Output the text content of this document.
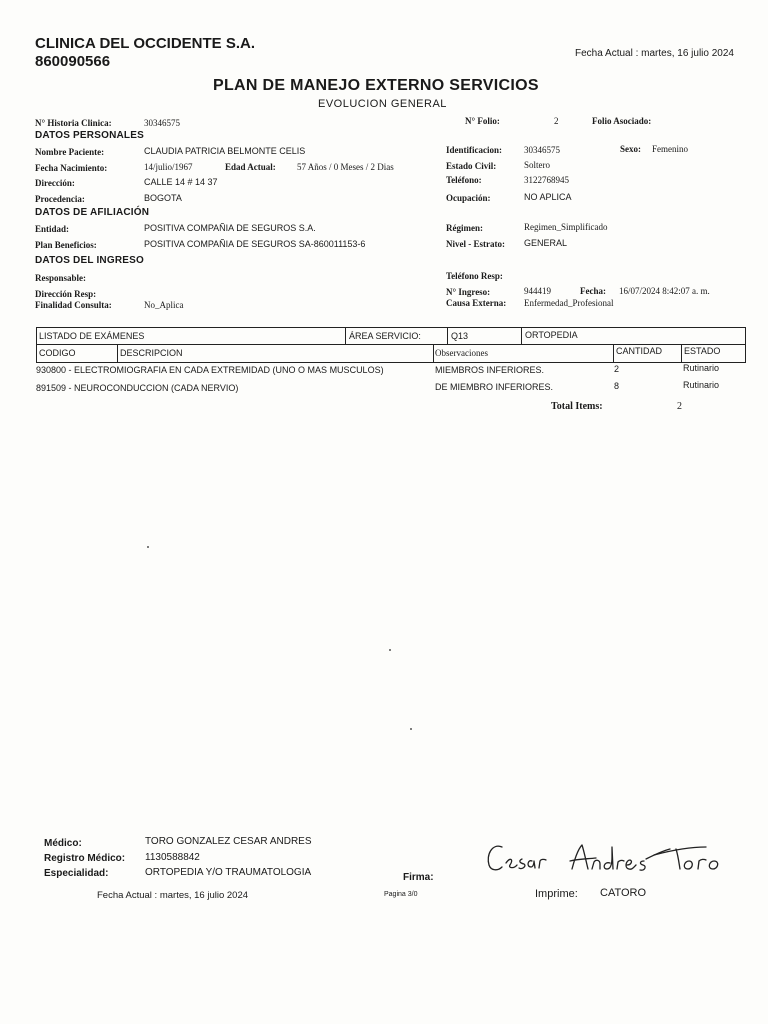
CLINICA DEL OCCIDENTE S.A.
860090566	Fecha Actual : martes, 16 julio 2024
PLAN DE MANEJO EXTERNO SERVICIOS
EVOLUCION GENERAL
N° Historia Clinica:	30346575	N° Folio:	2	Folio Asociado:
DATOS PERSONALES
Nombre Paciente:	CLAUDIA PATRICIA BELMONTE CELIS	Identificacion: 30346575	Sexo: Femenino
Fecha Nacimiento:	14/julio/1967	Edad Actual: 57 Años / 0 Meses / 2 Dias	Estado Civil:	Soltero
Dirección:	CALLE 14 # 14 37	Teléfono:	3122768945
Procedencia:	BOGOTA	Ocupación:	NO APLICA
DATOS DE AFILIACIÓN
Entidad:	POSITIVA COMPAÑIA DE SEGUROS S.A.	Régimen:	Regimen_Simplificado
Plan Beneficios:	POSITIVA COMPAÑIA DE SEGUROS SA-860011153-6	Nivel - Estrato: GENERAL
DATOS DEL INGRESO
Responsable:	Teléfono Resp:
Dirección Resp:	N° Ingreso:	944419	Fecha: 16/07/2024 8:42:07 a. m.
Finalidad Consulta:	No_Aplica	Causa Externa: Enfermedad_Profesional
LISTADO DE EXÁMENES	ÁREA SERVICIO:	Q13	ORTOPEDIA
CODIGO	DESCRIPCION	Observaciones	CANTIDAD ESTADO
930800 - ELECTROMIOGRAFIA EN CADA EXTREMIDAD (UNO O MAS MUSCULOS)	MIEMBROS INFERIORES.	2	Rutinario
891509 - NEUROCONDUCCION (CADA NERVIO)	DE MIEMBRO INFERIORES.	8	Rutinario
Total Items:	2
Médico:	TORO GONZALEZ CESAR ANDRES
Registro Médico: 1130588842
Especialidad:	ORTOPEDIA Y/O TRAUMATOLOGIA	Firma:
Fecha Actual : martes, 16 julio 2024	Pagina 3/0	Imprime: CATORO
